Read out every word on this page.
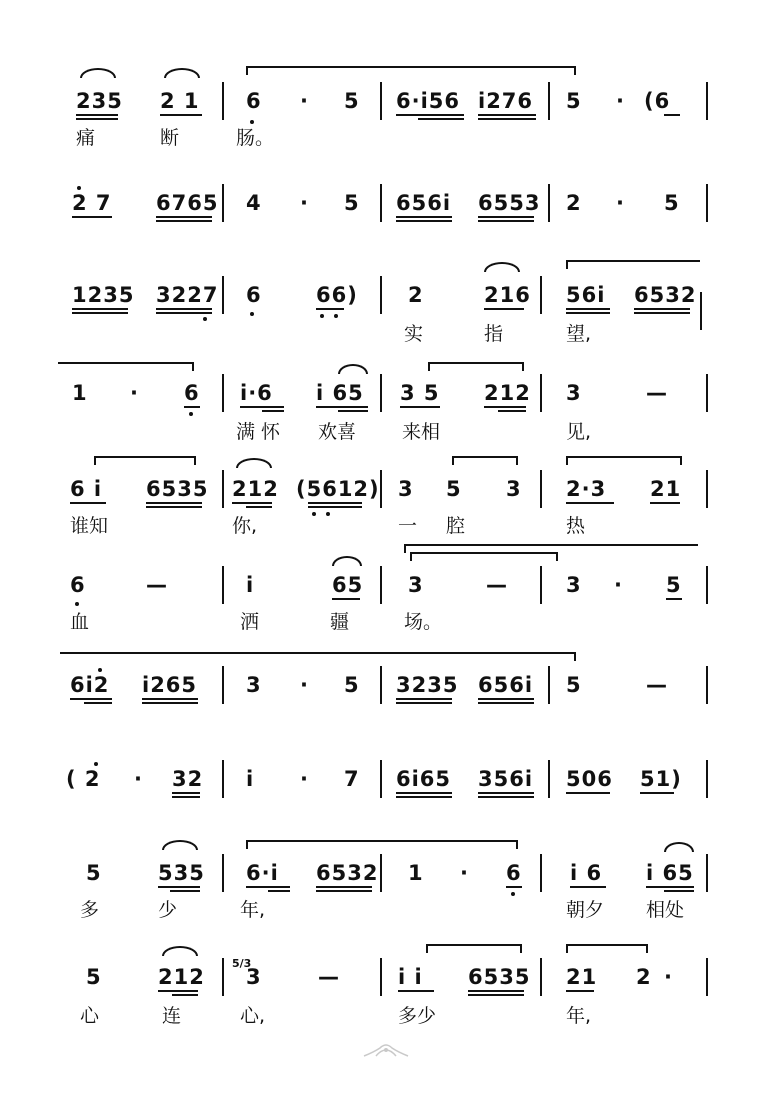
235 2 1 6 · 5 6·i56 i276 5 · (6
痛	断	肠。
2 7 6765 4 · 5 656i 6553 2 · 5
1235 3227 6	66) 2	216 56i 6532
实	指	望,
1 · 6 i·6 i 65 3 5 212 3	—
满 怀 欢喜 来相	见,
6 i 6535 212 (5612) 3 5 3 2·3 21
谁知	你,	一 腔	热
6	—	i	65 3	—	3 · 5
血	洒	疆	场。
6i2 i265 3 · 5 3235 656i 5	—
( 2 · 32 i · 7 6i65 356i 506 51)
5	535 6·i 6532 1 · 6 i 6 i 65
多	少	年,	朝夕 相处
5	212
5/3
3	—	i i 6535 21 2 ·
心	连	心,	多少	年,
